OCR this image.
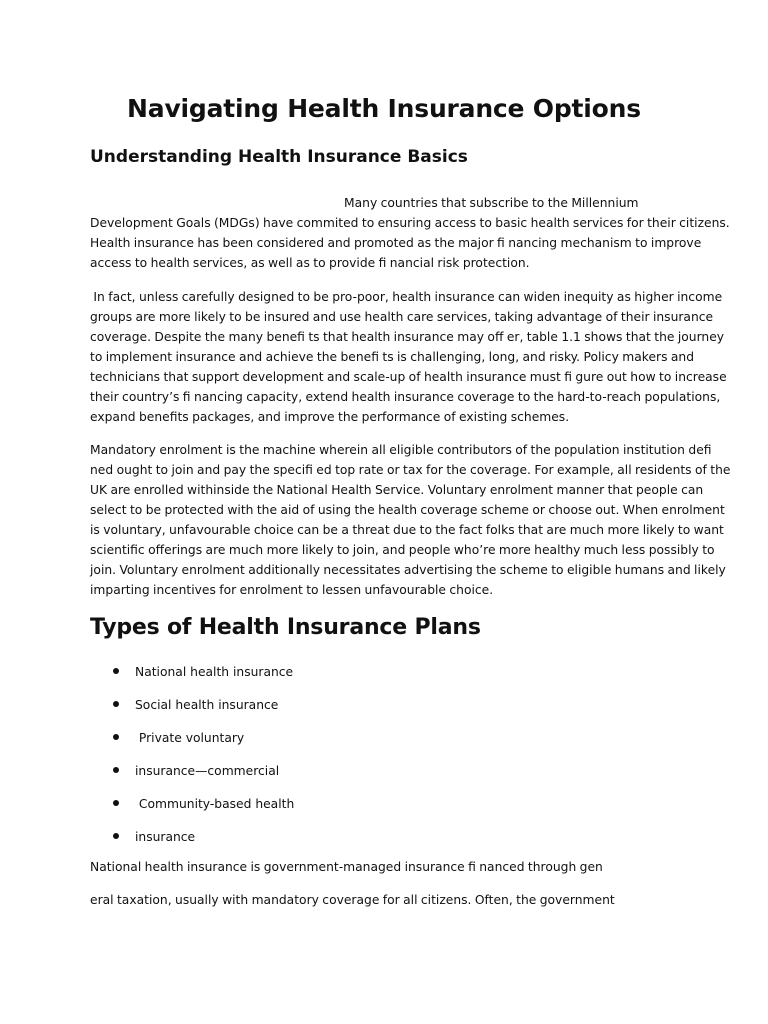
Navigating Health Insurance Options
Understanding Health Insurance Basics

Many countries that subscribe to the Millennium
Development Goals (MDGs) have commited to ensuring access to basic health services for their citizens.
Health insurance has been considered and promoted as the major fi nancing mechanism to improve
access to health services, as well as to provide fi nancial risk protection.

In fact, unless carefully designed to be pro-poor, health insurance can widen inequity as higher income
groups are more likely to be insured and use health care services, taking advantage of their insurance
coverage. Despite the many benefi ts that health insurance may off er, table 1.1 shows that the journey
to implement insurance and achieve the benefi ts is challenging, long, and risky. Policy makers and
technicians that support development and scale-up of health insurance must fi gure out how to increase
their country’s fi nancing capacity, extend health insurance coverage to the hard-to-reach populations,
expand benefits packages, and improve the performance of existing schemes.

Mandatory enrolment is the machine wherein all eligible contributors of the population institution defi
ned ought to join and pay the specifi ed top rate or tax for the coverage. For example, all residents of the
UK are enrolled withinside the National Health Service. Voluntary enrolment manner that people can
select to be protected with the aid of using the health coverage scheme or choose out. When enrolment
is voluntary, unfavourable choice can be a threat due to the fact folks that are much more likely to want
scientific offerings are much more likely to join, and people who’re more healthy much less possibly to
join. Voluntary enrolment additionally necessitates advertising the scheme to eligible humans and likely
imparting incentives for enrolment to lessen unfavourable choice.

Types of Health Insurance Plans
National health insurance
Social health insurance
Private voluntary
insurance—commercial
Community-based health
insurance

National health insurance is government-managed insurance fi nanced through gen

eral taxation, usually with mandatory coverage for all citizens. Often, the government
